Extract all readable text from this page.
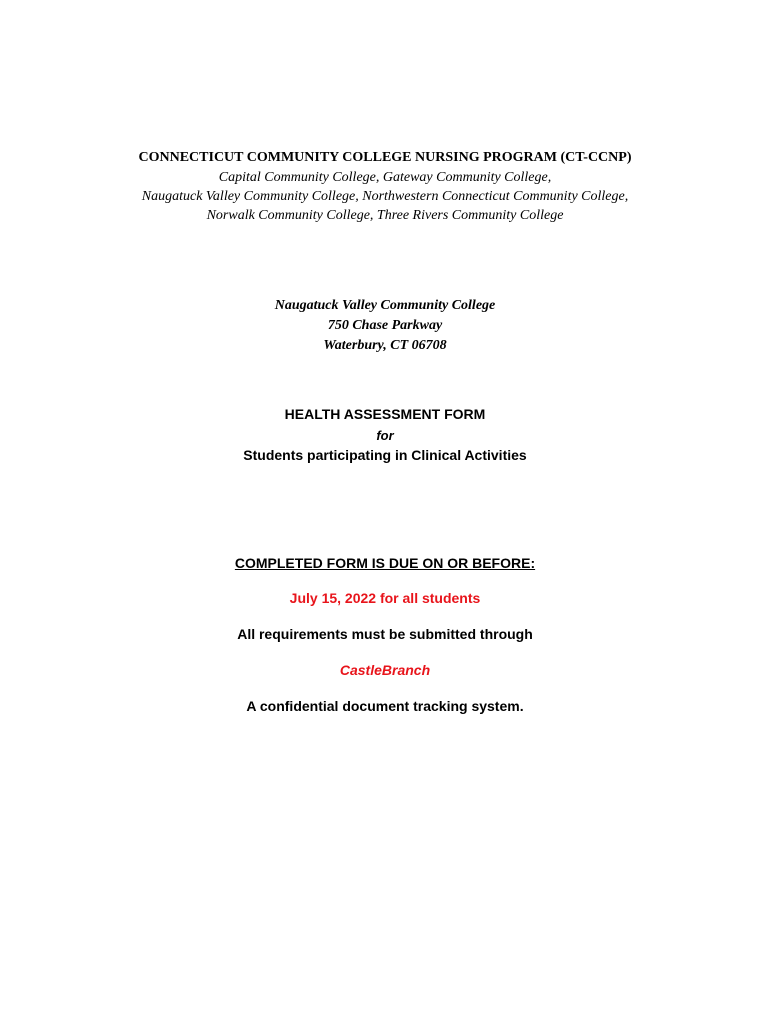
CONNECTICUT COMMUNITY COLLEGE NURSING PROGRAM (CT-CCNP)
Capital Community College, Gateway Community College,
Naugatuck Valley Community College, Northwestern Connecticut Community College,
Norwalk Community College, Three Rivers Community College
Naugatuck Valley Community College
750 Chase Parkway
Waterbury, CT 06708
HEALTH ASSESSMENT FORM
for
Students participating in Clinical Activities
COMPLETED FORM IS DUE ON OR BEFORE:
July 15, 2022 for all students
All requirements must be submitted through
CastleBranch
A confidential document tracking system.
